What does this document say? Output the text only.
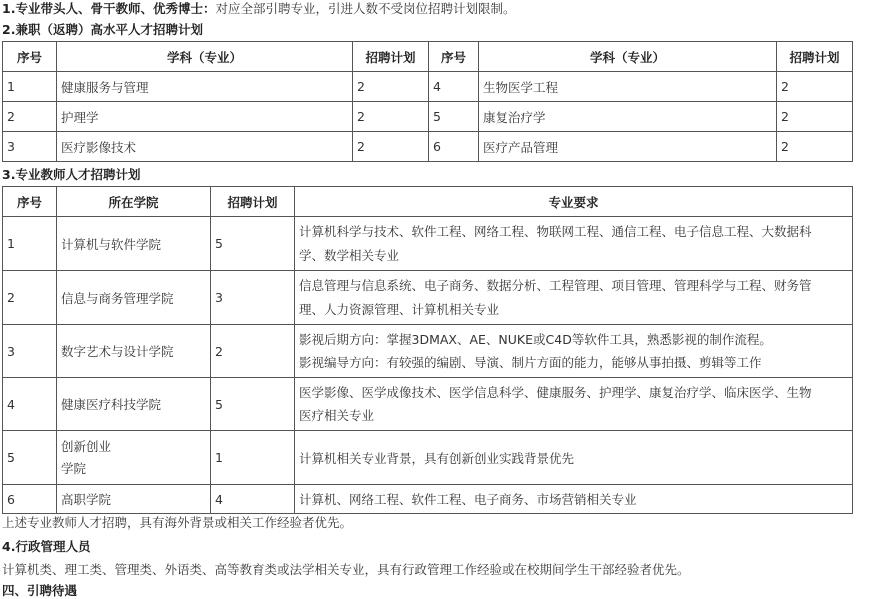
1.专业带头人、骨干教师、优秀博士：对应全部引聘专业，引进人数不受岗位招聘计划限制。
2.兼职（返聘）高水平人才招聘计划
序号	学科（专业）	招聘计划	序号	学科（专业）	招聘计划
1	健康服务与管理	2	4	生物医学工程	2
2	护理学	2	5	康复治疗学	2
3	医疗影像技术	2	6	医疗产品管理	2
3.专业教师人才招聘计划
序号	所在学院	招聘计划	专业要求
1	计算机与软件学院	5	计算机科学与技术、软件工程、网络工程、物联网工程、通信工程、电子信息工程、大数据科
学、数学相关专业

2	信息与商务管理学院	3	信息管理与信息系统、电子商务、数据分析、工程管理、项目管理、管理科学与工程、财务管
理、人力资源管理、计算机相关专业

3	数字艺术与设计学院	2	影视后期方向：掌握3DMAX、AE、NUKE或C4D等软件工具，熟悉影视的制作流程。
影视编导方向：有较强的编剧、导演、制片方面的能力，能够从事拍摄、剪辑等工作

4	健康医疗科技学院	5	医学影像、医学成像技术、医学信息科学、健康服务、护理学、康复治疗学、临床医学、生物
医疗相关专业

5	创新创业
学院	1	计算机相关专业背景，具有创新创业实践背景优先
6	高职学院	4	计算机、网络工程、软件工程、电子商务、市场营销相关专业
上述专业教师人才招聘，具有海外背景或相关工作经验者优先。
4.行政管理人员
计算机类、理工类、管理类、外语类、高等教育类或法学相关专业，具有行政管理工作经验或在校期间学生干部经验者优先。
四、引聘待遇
